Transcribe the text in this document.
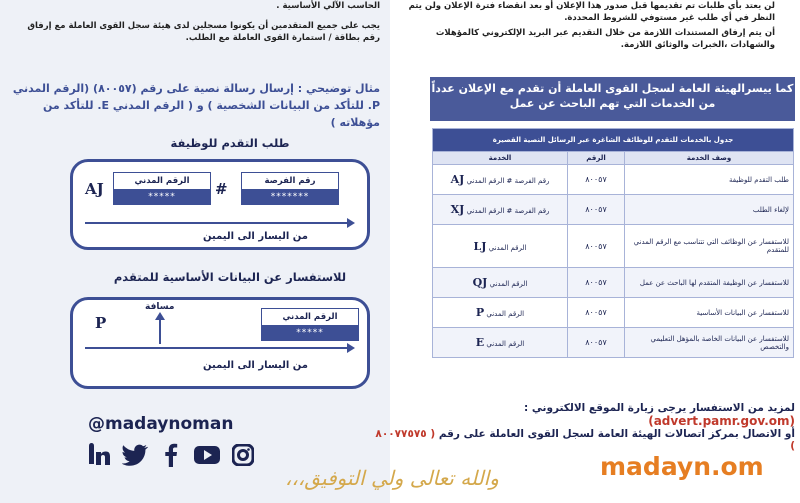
الحاسب الآلي الأساسية .
يجب على جميع المتقدمين أن يكونوا مسجلين لدى هيئة سجل القوى العاملة مع إرفاق رقم بطاقة / استمارة القوى العاملة مع الطلب.
لن يعتد بأي طلبات تم تقديمها قبل صدور هذا الإعلان أو بعد انقضاء فترة الإعلان ولن يتم النظر في أي طلب غير مستوفي للشروط المحددة.
أن يتم إرفاق المستندات اللازمة من خلال التقديم عبر البريد الإلكتروني كالمؤهلات والشهادات ،الخبرات والوثائق اللازمة.
كما ييسرالهيئة العامة لسجل القوى العاملة أن تقدم مع الإعلان عدداً من الخدمات التي تهم الباحث عن عمل
جدول بالخدمات للتقدم للوظائف الشاغرة عبر الرسائل النصية القصيرة		
وصف الخدمة	الرقم	الخدمة
طلب التقدم للوظيفة	٨٠٠٥٧	رقم الفرصة # الرقم المدني AJ
لإلغاء الطلب	٨٠٠٥٧	رقم الفرصة # الرقم المدني XJ
للاستفسار عن الوظائف التي تتناسب مع الرقم المدني للمتقدم	٨٠٠٥٧	الرقم المدني LJ
للاستفسار عن الوظيفة المتقدم لها الباحث عن عمل	٨٠٠٥٧	الرقم المدني QJ
للاستفسار عن البيانات الأساسية	٨٠٠٥٧	الرقم المدني P
للاستفسار عن البيانات الخاصة بالمؤهل التعليمي والتخصص	٨٠٠٥٧	الرقم المدني E
مثال توضيحي : إرسال رسالة نصية على رقم (٨٠٠٥٧) (الرقم المدني P. للتأكد من البيانات الشخصية ) و ( الرقم المدني E. للتأكد من مؤهلاته )
طلب التقدم للوظيفة
AJ	الرقم المدني
*****	#	رقم الفرصة
*******
من اليسار الى اليمين
للاستفسار عن البيانات الأساسية للمتقدم
P
مسافة
الرقم المدني
*****
من اليسار الى اليمين
@madaynoman
لمزيد من الاستفسار يرجى زيارة الموقع الالكتروني : (advert.pamr.gov.om)
أو الاتصال بمركز اتصالات الهيئة العامة لسجل القوى العاملة على رقم ( ٨٠٠٧٧٥٧٥ )
madayn.om
والله تعالى ولي التوفيق،،،
